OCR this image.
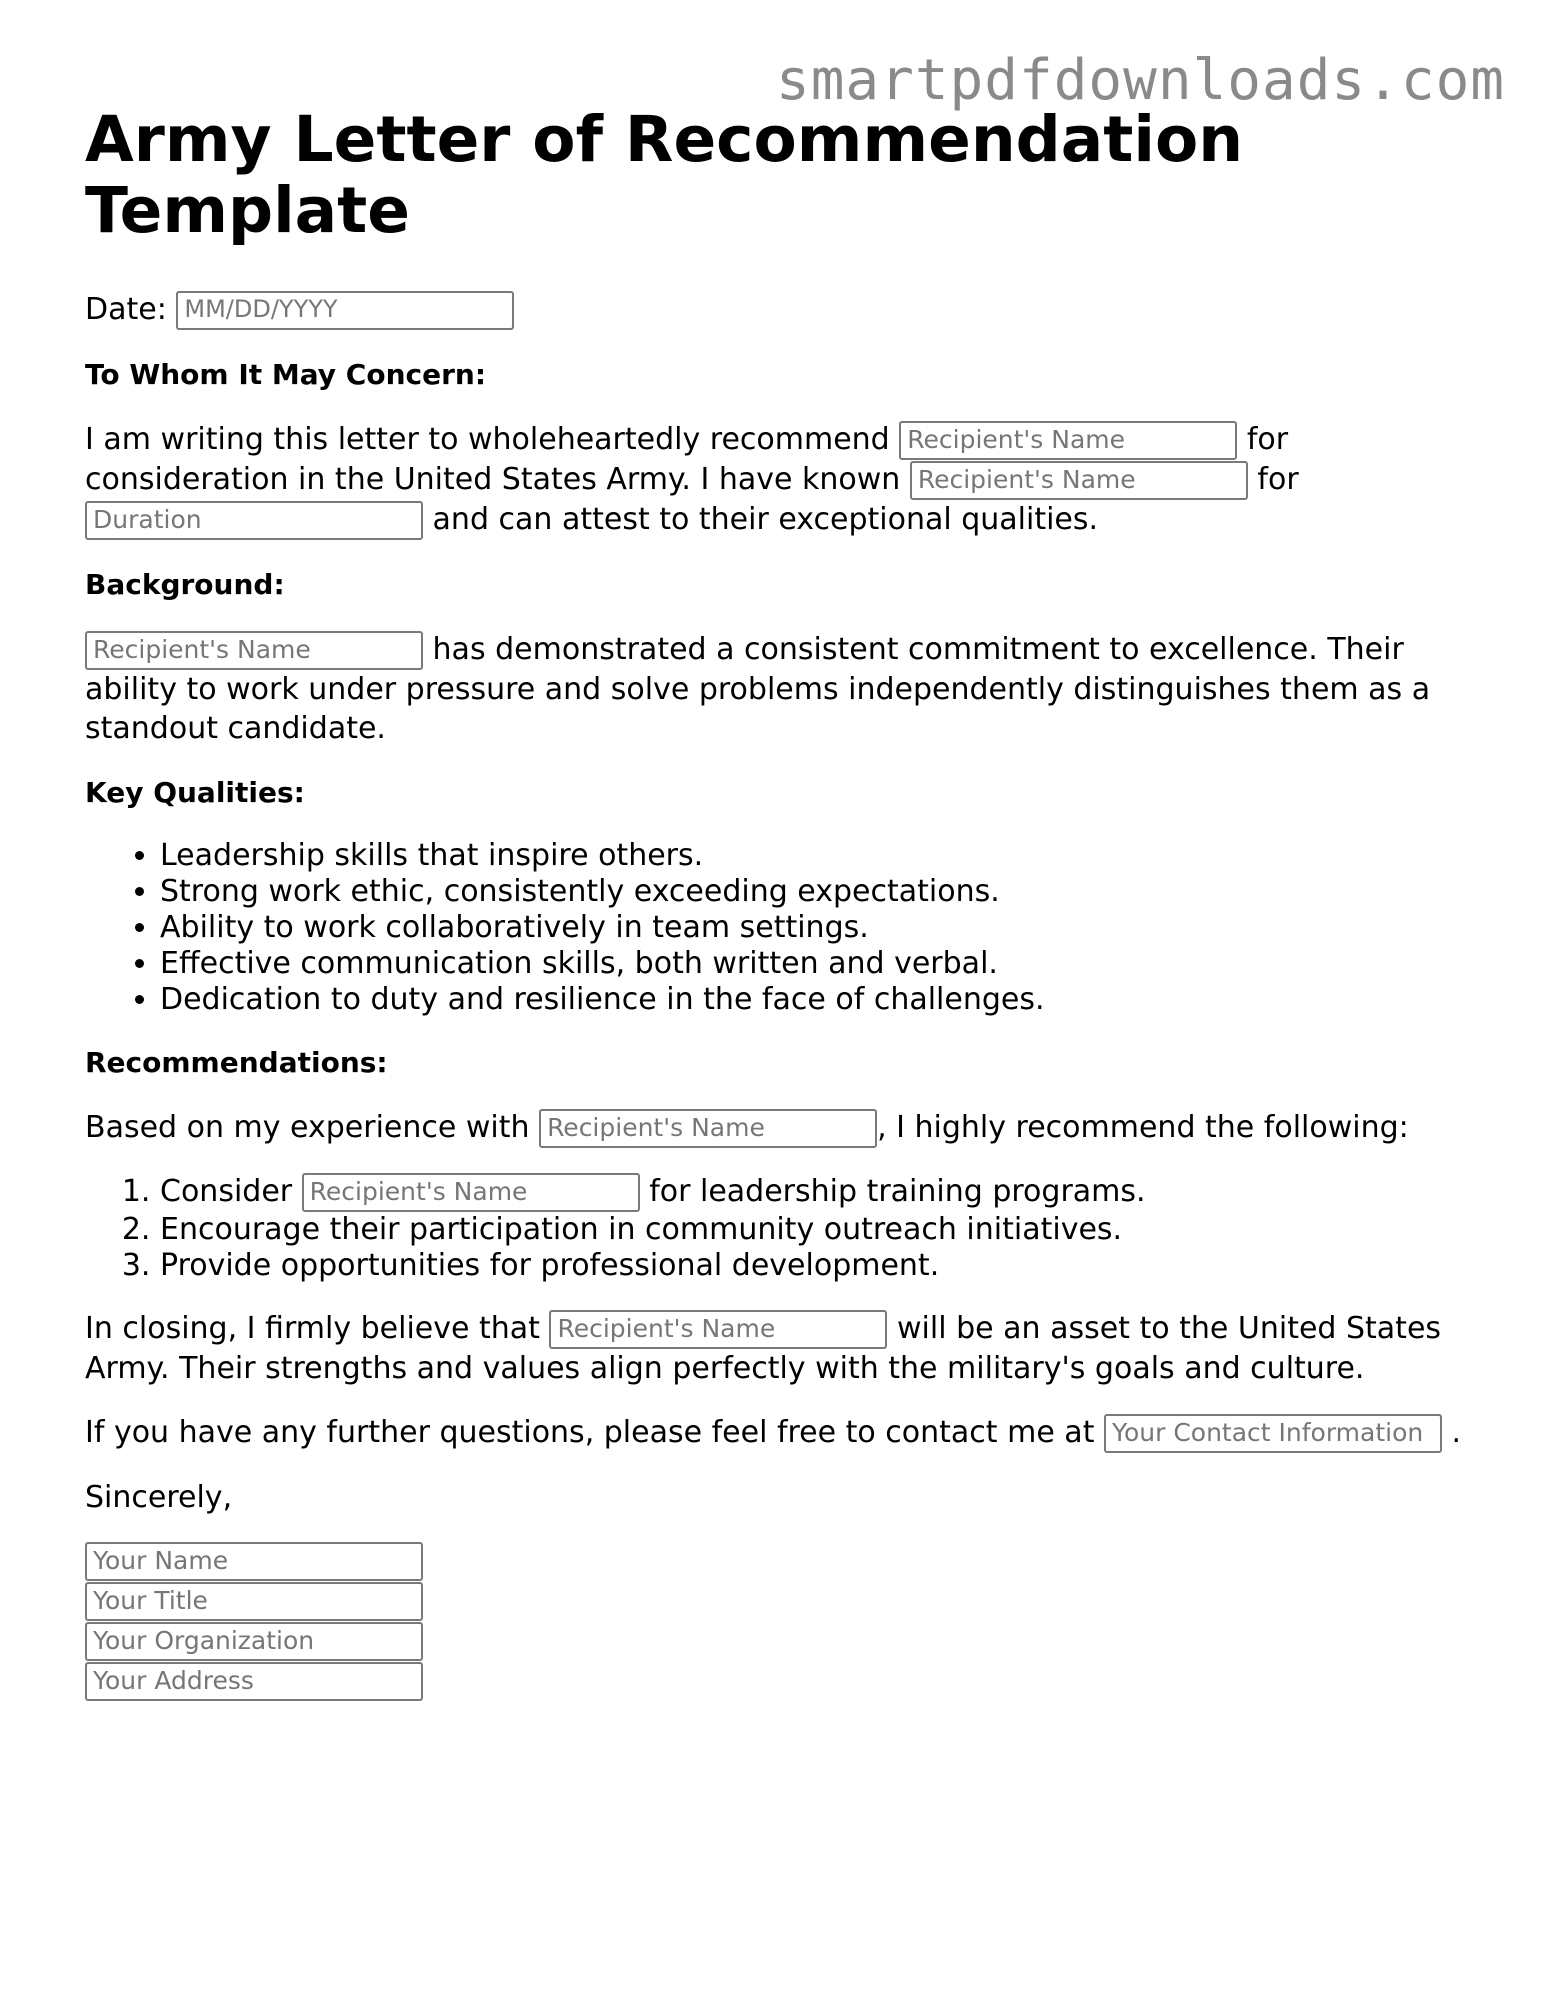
smartpdfdownloads.com
Army Letter of Recommendation Template

Date: MM/DD/YYYY

To Whom It May Concern:

I am writing this letter to wholeheartedly recommend Recipient's Name	for consideration in the United States Army. I have known Recipient's Name	for Duration	and can attest to their exceptional qualities.

Background:

Recipient's Name	has demonstrated a consistent commitment to excellence. Their ability to work under pressure and solve problems independently distinguishes them as a standout candidate.

Key Qualities:

• Leadership skills that inspire others.
• Strong work ethic, consistently exceeding expectations.
• Ability to work collaboratively in team settings.
• Effective communication skills, both written and verbal.
• Dedication to duty and resilience in the face of challenges.

Recommendations:

Based on my experience with Recipient's Name	, I highly recommend the following:

1. Consider Recipient's Name	for leadership training programs.
2. Encourage their participation in community outreach initiatives.
3. Provide opportunities for professional development.

In closing, I firmly believe that Recipient's Name	will be an asset to the United States Army. Their strengths and values align perfectly with the military's goals and culture.

If you have any further questions, please feel free to contact me at Your Contact Information .

Sincerely,

Your Name
Your Title
Your Organization
Your Address
